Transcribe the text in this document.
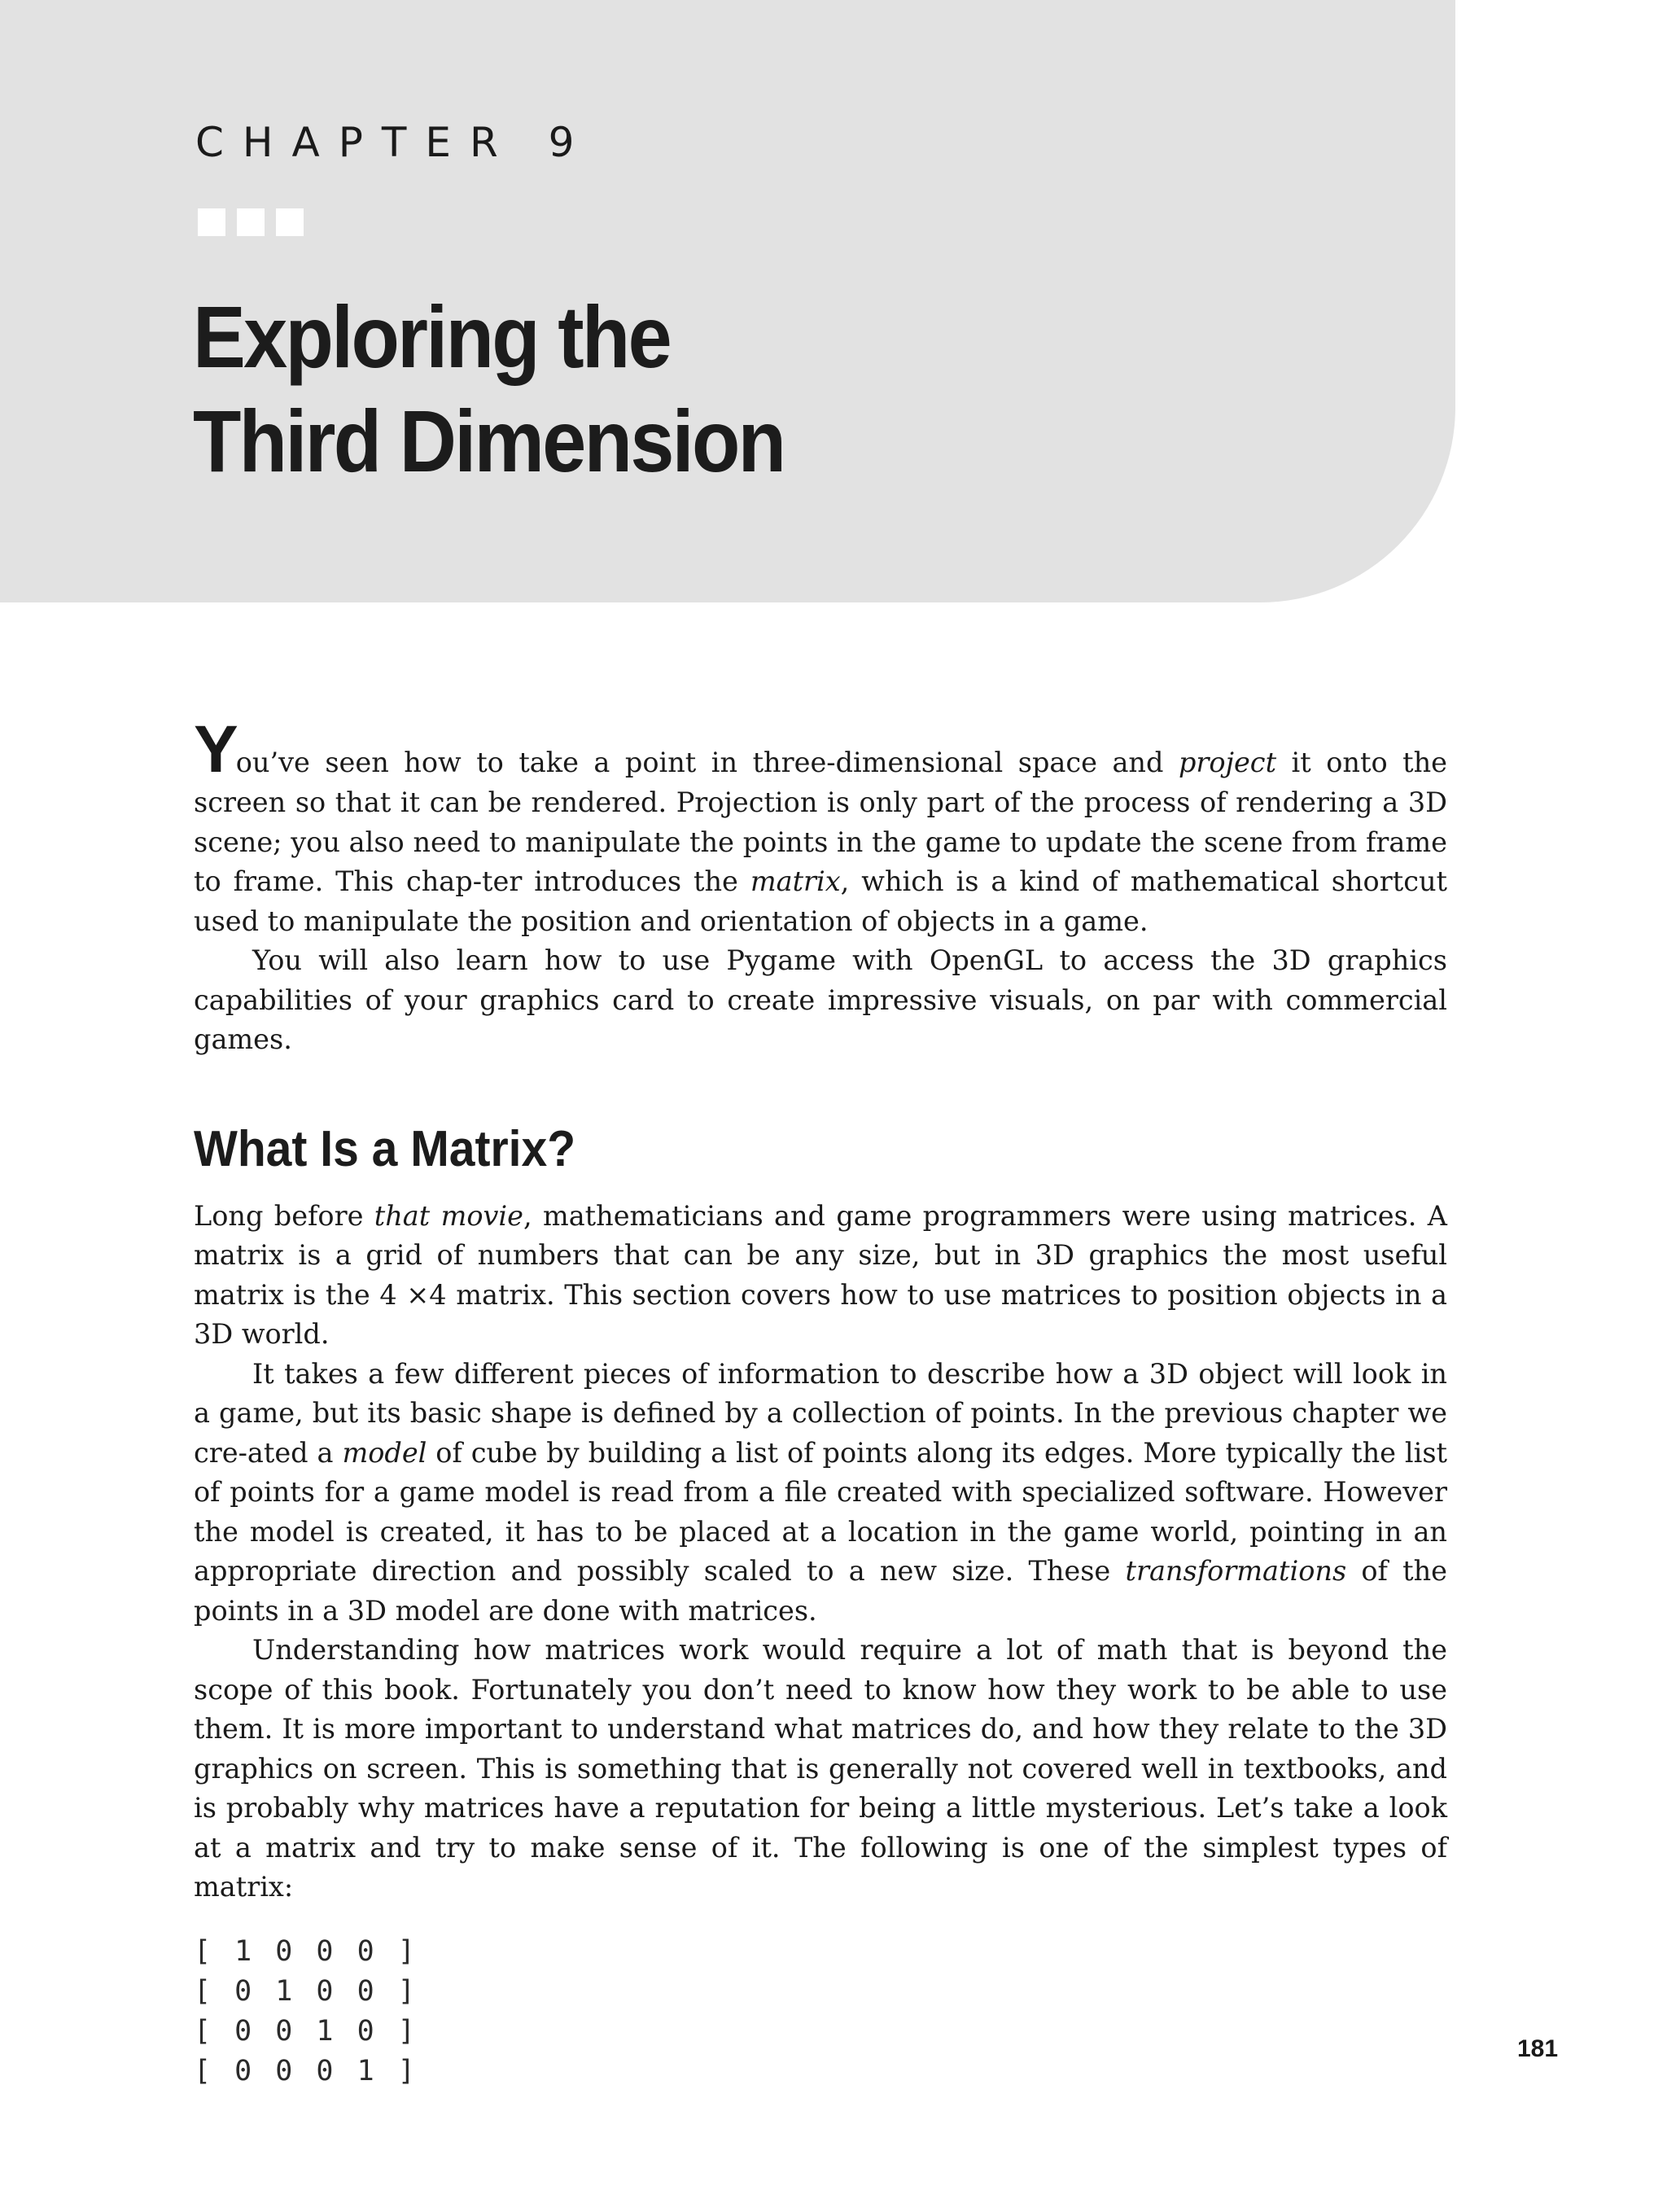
CHAPTER 9
Exploring the
Third Dimension

You’ve seen how to take a point in three-dimensional space and project it onto the screen so that it can be rendered. Projection is only part of the process of rendering a 3D scene; you also need to manipulate the points in the game to update the scene from frame to frame. This chap-ter introduces the matrix, which is a kind of mathematical shortcut used to manipulate the position and orientation of objects in a game.

You will also learn how to use Pygame with OpenGL to access the 3D graphics capabilities of your graphics card to create impressive visuals, on par with commercial games.

What Is a Matrix?

Long before that movie, mathematicians and game programmers were using matrices. A matrix is a grid of numbers that can be any size, but in 3D graphics the most useful matrix is the 4 ×4 matrix. This section covers how to use matrices to position objects in a 3D world.

It takes a few different pieces of information to describe how a 3D object will look in a game, but its basic shape is defined by a collection of points. In the previous chapter we cre-ated a model of cube by building a list of points along its edges. More typically the list of points for a game model is read from a file created with specialized software. However the model is created, it has to be placed at a location in the game world, pointing in an appropriate direction and possibly scaled to a new size. These transformations of the points in a 3D model are done with matrices.

Understanding how matrices work would require a lot of math that is beyond the scope of this book. Fortunately you don’t need to know how they work to be able to use them. It is more important to understand what matrices do, and how they relate to the 3D graphics on screen. This is something that is generally not covered well in textbooks, and is probably why matrices have a reputation for being a little mysterious. Let’s take a look at a matrix and try to make sense of it. The following is one of the simplest types of matrix:

[ 1 0 0 0 ]
[ 0 1 0 0 ]
[ 0 0 1 0 ]
[ 0 0 0 1 ]
181
